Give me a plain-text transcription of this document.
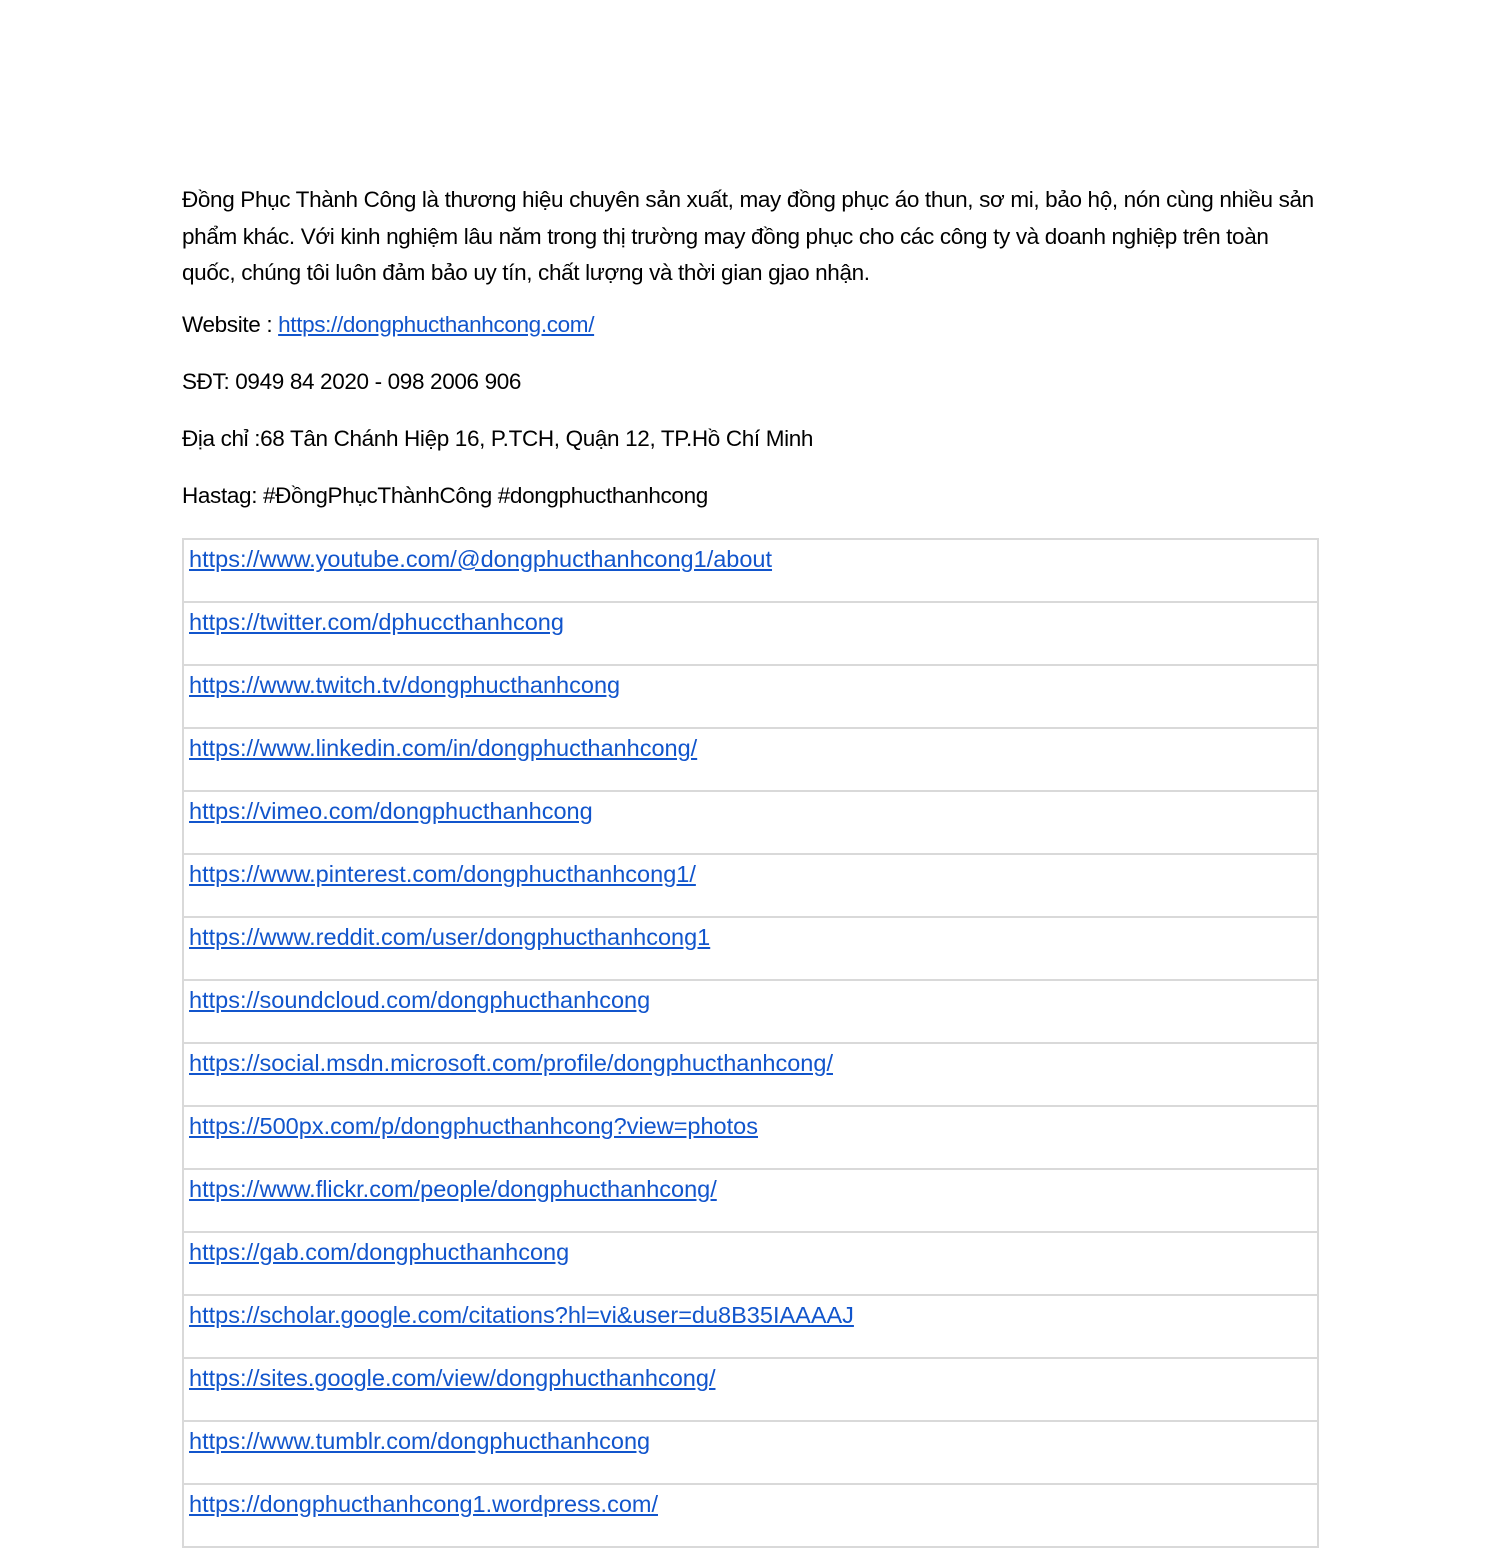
Đồng Phục Thành Công là thương hiệu chuyên sản xuất, may đồng phục áo thun, sơ mi, bảo hộ, nón cùng nhiều sản phẩm khác. Với kinh nghiệm lâu năm trong thị trường may đồng phục cho các công ty và doanh nghiệp trên toàn quốc, chúng tôi luôn đảm bảo uy tín, chất lượng và thời gian gjao nhận.

Website : https://dongphucthanhcong.com/

SĐT: 0949 84 2020 - 098 2006 906

Địa chỉ :68 Tân Chánh Hiệp 16, P.TCH, Quận 12, TP.Hồ Chí Minh

Hastag: #ĐồngPhụcThànhCông #dongphucthanhcong

https://www.youtube.com/@dongphucthanhcong1/about
https://twitter.com/dphuccthanhcong
https://www.twitch.tv/dongphucthanhcong
https://www.linkedin.com/in/dongphucthanhcong/
https://vimeo.com/dongphucthanhcong
https://www.pinterest.com/dongphucthanhcong1/
https://www.reddit.com/user/dongphucthanhcong1
https://soundcloud.com/dongphucthanhcong
https://social.msdn.microsoft.com/profile/dongphucthanhcong/
https://500px.com/p/dongphucthanhcong?view=photos
https://www.flickr.com/people/dongphucthanhcong/
https://gab.com/dongphucthanhcong
https://scholar.google.com/citations?hl=vi&user=du8B35IAAAAJ
https://sites.google.com/view/dongphucthanhcong/
https://www.tumblr.com/dongphucthanhcong
https://dongphucthanhcong1.wordpress.com/
